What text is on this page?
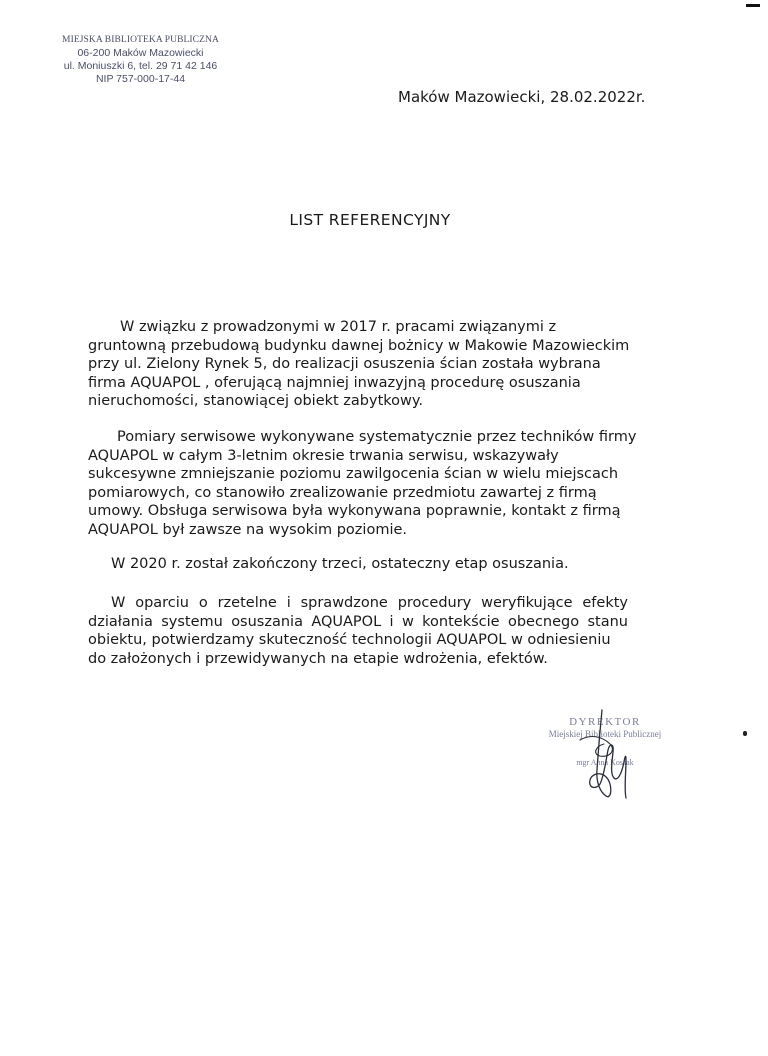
MIEJSKA BIBLIOTEKA PUBLICZNA
06-200 Maków Mazowiecki
ul. Moniuszki 6, tel. 29 71 42 146
NIP 757-000-17-44
Maków Mazowiecki, 28.02.2022r.
LIST REFERENCYJNY
W związku z prowadzonymi w 2017 r. pracami związanymi z
gruntowną przebudową budynku dawnej bożnicy w Makowie Mazowieckim
przy ul. Zielony Rynek 5, do realizacji osuszenia ścian została wybrana
firma AQUAPOL , oferującą najmniej inwazyjną procedurę osuszania
nieruchomości, stanowiącej obiekt zabytkowy.
Pomiary serwisowe wykonywane systematycznie przez techników firmy
AQUAPOL w całym 3-letnim okresie trwania serwisu, wskazywały
sukcesywne zmniejszanie poziomu zawilgocenia ścian w wielu miejscach
pomiarowych, co stanowiło zrealizowanie przedmiotu zawartej z firmą
umowy. Obsługa serwisowa była wykonywana poprawnie, kontakt z firmą
AQUAPOL był zawsze na wysokim poziomie.
W 2020 r. został zakończony trzeci, ostateczny etap osuszania.
W oparciu o rzetelne i sprawdzone procedury weryfikujące efekty
działania systemu osuszania AQUAPOL i w kontekście obecnego stanu
obiektu, potwierdzamy skuteczność technologii AQUAPOL w odniesieniu
do założonych i przewidywanych na etapie wdrożenia, efektów.
DYREKTOR
Miejskiej Biblioteki Publicznej
mgr Anna Kossak
